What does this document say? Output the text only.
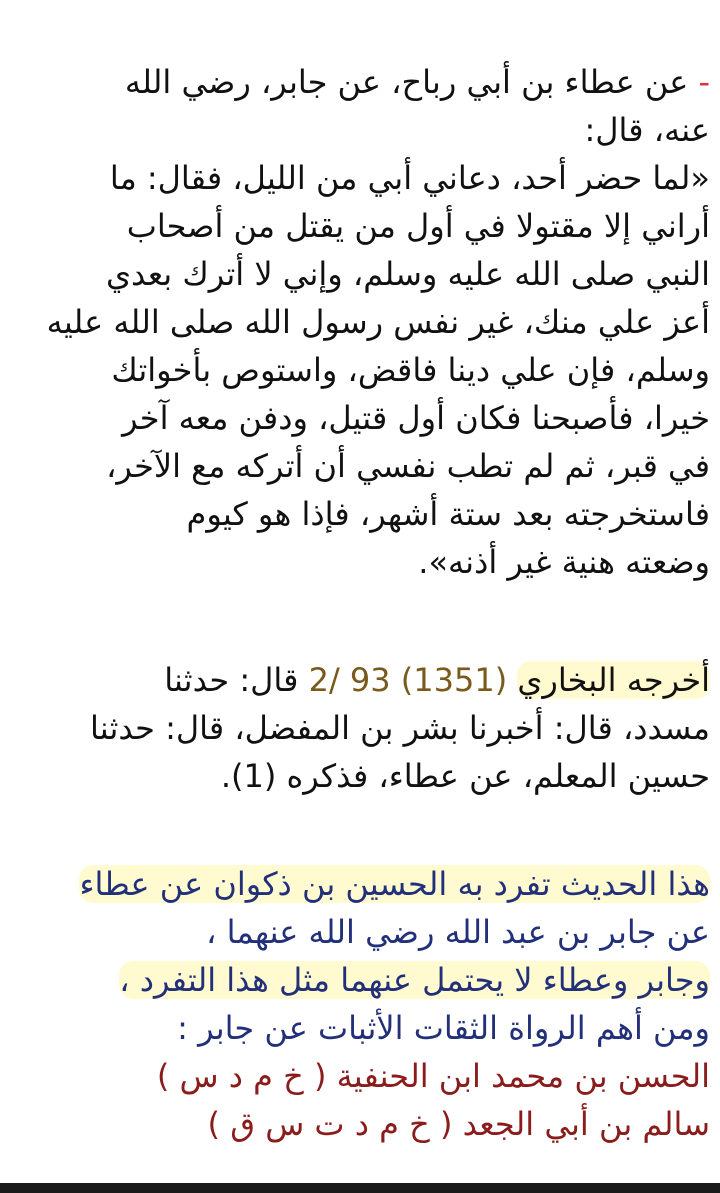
- عن عطاء بن أبي رباح، عن جابر، رضي الله
عنه، قال:
«لما حضر أحد، دعاني أبي من الليل، فقال: ما
أراني إلا مقتولا في أول من يقتل من أصحاب
النبي صلى الله عليه وسلم، وإني لا أترك بعدي
أعز علي منك، غير نفس رسول الله صلى الله عليه
وسلم، فإن علي دينا فاقض، واستوص بأخواتك
خيرا، فأصبحنا فكان أول قتيل، ودفن معه آخر
في قبر، ثم لم تطب نفسي أن أتركه مع الآخر،
فاستخرجته بعد ستة أشهر، فإذا هو كيوم
وضعته هنية غير أذنه».
أخرجه البخاري 2/ 93 (1351) قال: حدثنا
مسدد، قال: أخبرنا بشر بن المفضل، قال: حدثنا
حسين المعلم، عن عطاء، فذكره (1).
هذا الحديث تفرد به الحسين بن ذكوان عن عطاء
عن جابر بن عبد الله رضي الله عنهما ،
وجابر وعطاء لا يحتمل عنهما مثل هذا التفرد ،
ومن أهم الرواة الثقات الأثبات عن جابر :
الحسن بن محمد ابن الحنفية ( خ م د س )
سالم بن أبي الجعد ( خ م د ت س ق )
